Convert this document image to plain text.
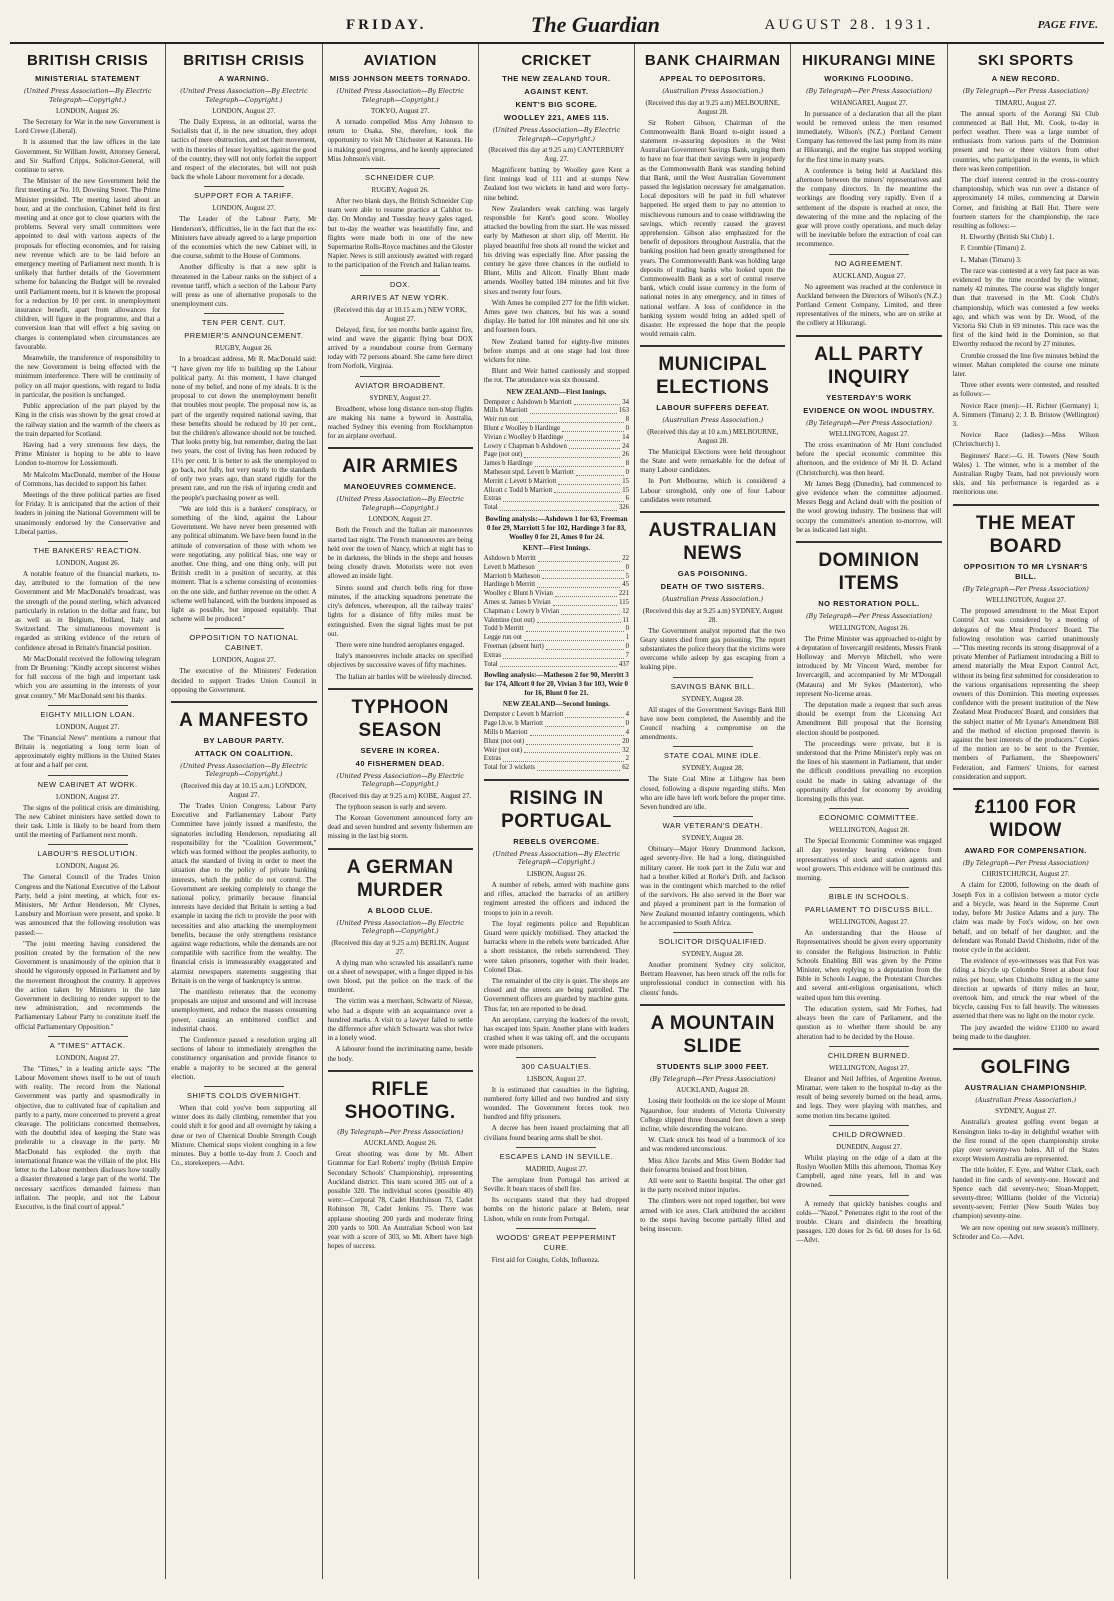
FRIDAY.	The Guardian	AUGUST 28. 1931.	PAGE FIVE.
BRITISH CRISIS
MINISTERIAL STATEMENT
(United Press Association—By Electric Telegraph—Copyright.)
LONDON, August 26.

The Secretary for War in the new Government is Lord Crewe (Liberal).

It is assumed that the law offices in the late Government, Sir William Jowitt, Attorney General, and Sir Stafford Cripps, Solicitor-General, will continue to serve.

The Minister of the new Government held the first meeting at No. 10, Downing Street. The Prime Minister presided. The meeting lasted about an hour, and at the conclusion, Cabinet held its first meeting and at once got to close quarters with the problems. Several very small committees were appointed to deal with various aspects of the proposals for effecting economies, and for raising new revenue which are to be laid before an emergency meeting of Parliament next month. It is unlikely that further details of the Government scheme for balancing the Budget will be revealed until Parliament meets, but it is known the proposal for a reduction by 10 per cent. in unemployment insurance benefit, apart from allowances for children, will figure in the programme, and that a conversion loan that will effect a big saving on charges is contemplated when circumstances are favourable.

Meanwhile, the transference of responsibility to the new Government is being effected with the minimum interference. There will be continuity of policy on all major questions, with regard to India in particular, the position is unchanged.

Public appreciation of the part played by the King in the crisis was shown by the great crowd at the railway station and the warmth of the cheers as the train departed for Scotland.

Having had a very strenuous few days, the Prime Minister is hoping to be able to leave London to-morrow for Lossiemouth.

Mr Malcolm MacDonald, member of the House of Commons, has decided to support his father.

Meetings of the three political parties are fixed for Friday. It is anticipated that the action of their leaders in joining the National Government will be unanimously endorsed by the Conservative and Liberal parties.

THE BANKERS' REACTION.
LONDON, August 26.

A notable feature of the financial markets, to-day, attributed to the formation of the new Government and Mr MacDonald's broadcast, was the strength of the pound sterling, which advanced particularly in relation to the dollar and franc, but as well as in Belgium, Holland, Italy and Switzerland. The simultaneous movement is regarded as striking evidence of the return of confidence abroad in Britain's financial position.

Mr MacDonald received the following telegram from Dr Bruening: "Kindly accept sincerest wishes for full success of the high and important task which you are assuming in the interests of your great country." Mr MacDonald sent his thanks.

EIGHTY MILLION LOAN.
LONDON, August 27.

The "Financial News" mentions a rumour that Britain is negotiating a long term loan of approximately eighty millions in the United States at four and a half per cent.

NEW CABINET AT WORK.
LONDON, August 27.

The signs of the political crisis are diminishing. The new Cabinet ministers have settled down to their task. Little is likely to be heard from them until the meeting of Parliament next month.

LABOUR'S RESOLUTION.
LONDON, August 26.

The General Council of the Trades Union Congress and the National Executive of the Labour Party, held a joint meeting, at which, four ex-Ministers, Mr Arthur Henderson, Mr Clynes, Lansbury and Morrison were present, and spoke. It was announced that the following resolution was passed:—

"The joint meeting having considered the position created by the formation of the new Government is unanimously of the opinion that it should be vigorously opposed in Parliament and by the movement throughout the country. It approves the action taken by Ministers in the late Government in declining to render support to the new administration, and recommends the Parliamentary Labour Party to constitute itself the official Parliamentary Opposition."

A "TIMES" ATTACK.
LONDON, August 27.

The "Times," in a leading article says: "The Labour Movement shows itself to be out of touch with reality. The record from the National Government was partly and spasmodically in objective, due to cultivated fear of capitalism and partly to a party, more concerned to prevent a great cleavage. The politicians concerned themselves, with the doubtful idea of keeping the State was preferable to a cleavage in the party. Mr MacDonald has exploded the myth that international finance was the villain of the plot. His letter to the Labour members discloses how totally a disaster threatened a large part of the world. The necessary sacrifices demanded fairness than inflation. The people, and not the Labour Executive, is the final court of appeal."

BRITISH CRISIS
A WARNING.
(United Press Association—By Electric Telegraph—Copyright.)
LONDON, August 27.

The Daily Express, in an editorial, warns the Socialists that if, in the new situation, they adopt tactics of mere obstruction, and set their movement, with its theories of lesser loyalties, against the good of the country, they will not only forfeit the support and respect of the electorates, but will not push back the whole Labour movement for a decade.

SUPPORT FOR A TARIFF.
LONDON, August 27.

The Leader of the Labour Party, Mr Henderson's, difficulties, lie in the fact that the ex-Ministers have already agreed to a large proportion of the economies which the new Cabinet will, in due course, submit to the House of Commons.

Another difficulty is that a new split is threatened in the Labour ranks on the subject of a revenue tariff, which a section of the Labour Party will press as one of alternative proposals to the unemployment cuts.

TEN PER CENT. CUT.
PREMIER'S ANNOUNCEMENT.
RUGBY, August 26.

In a broadcast address, Mr R. MacDonald said: "I have given my life to building up the Labour political party. At this moment, I have changed none of my belief, and none of my ideals. It is the proposal to cut down the unemployment benefit that troubles most people. The proposal now is, as part of the urgently required national saving, that these benefits should be reduced by 10 per cent., but the children's allowance should not be touched. That looks pretty big, but remember, during the last two years, the cost of living has been reduced by 11½ per cent. It is better to ask the unemployed to go back, not fully, but very nearly to the standards of only two years ago, than stand rigidly for the present rate, and run the risk of injuring credit and the people's purchasing power as well.

"We are told this is a bankers' conspiracy, or something of the kind, against the Labour Government. We have never been presented with any political ultimatum. We have been found in the attitude of conversation of those with whom we were negotiating, any political bias, one way or another. One thing, and one thing only, will put British credit in a position of security, at this moment. That is a scheme consisting of economies on the one side, and further revenue on the other. A scheme well balanced, with the burdens imposed as light as possible, but imposed equitably. That scheme will be produced."

OPPOSITION TO NATIONAL CABINET.
LONDON, August 27.

The executive of the Ministers' Federation decided to support Trades Union Council in opposing the Government.

A MANFESTO
BY LABOUR PARTY.
ATTACK ON COALITION.
(United Press Association—By Electric Telegraph—Copyright.)
(Received this day at 10.15 a.m.) LONDON, August 27.

The Trades Union Congress, Labour Party Executive and Parliamentary Labour Party Committee have jointly issued a manifesto, the signatories including Henderson, repudiating all responsibility for the "Coalition Government," which was formed without the peoples authority, to attack the standard of living in order to meet the situation due to the policy of private banking interests, which the public do not control. The Government are seeking completely to change the national policy, primarily because financial interests have decided that Britain is setting a bad example in taxing the rich to provide the poor with necessities and also attacking the unemployment benefits, because the only strengthens resistance against wage reductions, while the demands are not compatible with sacrifice from the wealthy. The financial crisis is immeasurably exaggerated and alarmist newspapers statements suggesting that Britain is on the verge of bankruptcy is untrue.

The manifesto reiterates that the economy proposals are unjust and unsound and will increase unemployment, and reduce the masses consuming power, causing an embittered conflict and industrial chaos.

The Conference passed a resolution urging all sections of labour to immediately strengthen the constituency organisation and provide finance to enable a majority to be secured at the general election.

SHIFTS COLDS OVERNIGHT.

When that cold you've been supporting all winter does its daily climbing, remember that you could shift it for good and all overnight by taking a dose or two of Chernical Double Strength Cough Mixture. Chemical stops violent coughing in a few minutes. Buy a bottle to-day from J. Cooch and Co., storekeepers.—Advt.

AVIATION
MISS JOHNSON MEETS TORNADO.
(United Press Association—By Electric Telegraph—Copyright.)
TOKYO, August 27.

A tornado compelled Miss Amy Johnson to return to Osaka. She, therefore, took the opportunity to visit Mr Chichester at Katsuura. He is making good progress, and he keenly appreciated Miss Johnson's visit.

SCHNEIDER CUP.
RUGBY, August 26.

After two blank days, the British Schneider Cup team were able to resume practice at Calshot to-day. On Monday and Tuesday heavy gales raged, but to-day the weather was beautifully fine, and flights were made both in one of the new Supermarine Rolls-Royce machines and the Gloster Napier. News is still anxiously awaited with regard to the participation of the French and Italian teams.

DOX.
ARRIVES AT NEW YORK.
(Received this day at 10.15 a.m.) NEW YORK, August 27.

Delayed, first, for ten months battle against fire, wind and wave the gigantic flying boat DOX arrived by a roundabout course from Germany today with 72 persons aboard. She came here direct from Norfolk, Virginia.

AVIATOR BROADBENT.
SYDNEY, August 27.

Broadbent, whose long distance non-stop flights are making his name a byword in Australia, reached Sydney this evening from Rockhampton for an airplane overhaul.

AIR ARMIES
MANOEUVRES COMMENCE.
(United Press Association—By Electric Telegraph—Copyright.)
LONDON, August 27.

Both the French and the Italian air manoeuvres started last night. The French manoeuvres are being held over the town of Nancy, which at night has to be in darkness, the blinds in the shops and houses being closely drawn. Motorists were not even allowed an inside light.

Sirens sound and church bells ring for three minutes, if the attacking squadrons penetrate the city's defences, whereupon, all the railway trains' lights for a distance of fifty miles must be extinguished. Even the signal lights must be put out.

There were nine hundred aeroplanes engaged.

Italy's manoeuvres include attacks on specified objectives by successive waves of fifty machines.

The Italian air battles will be wirelessly directed.

TYPHOON SEASON
SEVERE IN KOREA.
40 FISHERMEN DEAD.
(United Press Association—By Electric Telegraph—Copyright.)
(Received this day at 9.25 a.m) KOBE, August 27.

The typhoon season is early and severe.

The Korean Government announced forty are dead and seven hundred and seventy fishermen are missing in the last big storm.

A GERMAN MURDER
A BLOOD CLUE.
(United Press Association—By Electric Telegraph—Copyright.)
(Received this day at 9.25 a.m) BERLIN, August 27.

A dying man who scrawled his assailant's name on a sheet of newspaper, with a finger dipped in his own blood, put the police on the track of the murderer.

The victim was a merchant, Schwartz of Niesse, who had a dispute with an acquaintance over a hundred marks. A visit to a lawyer failed to settle the difference after which Schwartz was shot twice in a lonely wood.

A labourer found the incriminating name, beside the body.

RIFLE SHOOTING.
(By Telegraph—Per Press Association)
AUCKLAND, August 26.

Great shooting was done by Mt. Albert Grammar for Earl Roberts' trophy (British Empire Secondary Schools' Championship), representing Auckland district. This team scored 305 out of a possible 320. The individual scores (possible 40) were:—Corporal 78, Cadet Hutchinson 73, Cadet Robinson 78, Cadet Jenkins 75. There was applause shooting 200 yards and moderate firing 200 yards to 500. An Australian School won last year with a score of 303, so Mt. Albert have high hopes of success.

CRICKET
THE NEW ZEALAND TOUR.
AGAINST KENT.
KENT'S BIG SCORE.
WOOLLEY 221, AMES 115.
(United Press Association—By Electric Telegraph—Copyright.)
(Received this day at 9.25 a.m) CANTERBURY Aug. 27.

Magnificent batting by Woolley gave Kent a first innings lead of 111 and at stumps New Zealand lost two wickets in hand and were forty-nine behind.

New Zealanders weak catching was largely responsible for Kent's good score. Woolley attacked the bowling from the start. He was missed early by Matheson at short slip, off Merritt. He played beautiful free shots all round the wicket and his driving was especially fine. After passing the century he gave three chances in the outfield to Blunt, Mills and Allcott. Finally Blunt made amends. Woolley batted 184 minutes and hit five sixes and twenty four fours.

With Ames he compiled 277 for the fifth wicket. Ames gave two chances, but his was a sound display. He batted for 108 minutes and hit one six and fourteen fours.

New Zealand batted for eighty-five minutes before stumps and at one stage had lost three wickets for nine.

Blunt and Weir batted cautiously and stopped the rot. The attendance was six thousand.

NEW ZEALAND—First Innings.
Dempster c Ashdown b Marriott	34
Mills b Marriott	163
Weir run out	8
Blunt c Woolley b Hardinge	0
Vivian c Woolley b Hardinge	14
Lowry c Chapman b Ashdown	24
Page (not out)	26
James b Hardinge	8
Matheson stpd. Levett b Marriott	0
Merritt c Levett b Marriott	15
Allcott c Todd b Marriott	15
Extras	6
Total	326
Bowling analysis:—Ashdown 1 for 63, Freeman 0 for 29, Marriott 5 for 102, Hardinge 3 for 83, Woolley 0 for 21, Ames 0 for 24.
KENT—First Innings.
Ashdown b Merritt	22
Levett b Matheson	0
Marriott b Matheson	5
Hardinge b Merritt	45
Woolley c Blunt b Vivian	221
Ames st. James b Vivian	115
Chapman c Lowry b Vivian	12
Valentine (not out)	11
Todd b Merritt	0
Legge run out	1
Freeman (absent hurt)	0
Extras	7
Total	437
Bowling analysis:—Matheson 2 for 90, Merritt 3 for 174, Allcott 0 for 20, Vivian 3 for 103, Weir 0 for 16, Blunt 0 for 21.
NEW ZEALAND—Second Innings.
Dempster c Levett b Marriott	4
Page l.b.w. b Marriott	0
Mills b Marriott	4
Blunt (not out)	20
Weir (not out)	32
Extras	2
Total for 3 wickets	62
RISING IN PORTUGAL
REBELS OVERCOME.
(United Press Association—By Electric Telegraph—Copyright.)
LISBON, August 26.

A number of rebels, armed with machine guns and rifles, attacked the barracks of an artillery regiment arrested the officers and induced the troops to join in a revolt.

The loyal regiments police and Republican Guard were quickly mobilised. They attacked the barracks where in the rebels were barricaded. After a short resistance, the rebels surrendered. They were taken prisoners, together with their leader, Colonel Dias.

The remainder of the city is quiet. The shops are closed and the streets are being patrolled. The Government officers are guarded by machine guns. Thus far, ten are reported to be dead.

An aeroplane, carrying the leaders of the revolt, has escaped into Spain. Another plane with leaders crashed when it was taking off, and the occupants were made prisoners.

300 CASUALTIES.
LISBON, August 27.

It is estimated that casualties in the fighting, numbered forty killed and two hundred and sixty wounded. The Government forces took two hundred and fifty prisoners.

A decree has been issued proclaiming that all civilians found bearing arms shall be shot.

ESCAPES LAND IN SEVILLE.
MADRID, August 27.

The aeroplane from Portugal has arrived at Seville. It bears traces of shell fire.

Its occupants stated that they had dropped bombs on the historic palace at Belem, near Lisbon, while en route from Portugal.

WOODS' GREAT PEPPERMINT CURE.

First aid for Coughs, Colds, Influenza.

BANK CHAIRMAN
APPEAL TO DEPOSITORS.
(Australian Press Association.)
(Received this day at 9.25 a.m) MELBOURNE, August 28.

Sir Robert Gibson, Chairman of the Commonwealth Bank Board to-night issued a statement re-assuring depositors in the West Australian Government Savings Bank, urging them to have no fear that their savings were in jeopardy as the Commonwealth Bank was standing behind that Bank, until the West Australian Government passed the legislation necessary for amalgamation. Local depositors will be paid in full whatever happened. He urged them to pay no attention to mischievous rumours and to cease withdrawing the savings, which recently caused the gravest apprehension. Gibson also emphasized for the benefit of depositors throughout Australia, that the banking position had been greatly strengthened for years. The Commonwealth Bank was holding large deposits of trading banks who looked upon the Commonwealth Bank as a sort of central reserve bank, which could issue currency in the form of national notes in any emergency, and in times of national welfare. A loss of confidence in the banking system would bring an added spell of disaster. He expressed the hope that the people would remain calm.

MUNICIPAL ELECTIONS
LABOUR SUFFERS DEFEAT.
(Australian Press Association.)
(Received this day at 10 a.m.) MELBOURNE, August 28.

The Municipal Elections were held throughout the State and were remarkable for the defeat of many Labour candidates.

In Port Melbourne, which is considered a Labour stronghold, only one of four Labour candidates were returned.

AUSTRALIAN NEWS
GAS POISONING.
DEATH OF TWO SISTERS.
(Australian Press Association.)
(Received this day at 9.25 a.m) SYDNEY, August 28.

The Government analyst reported that the two Geary sisters died from gas poisoning. The report substantiates the police theory that the victims were overcome while asleep by gas escaping from a leaking pipe.

SAVINGS BANK BILL.
SYDNEY, August 28.

All stages of the Government Savings Bank Bill have now been completed, the Assembly and the Council reaching a compromise on the amendments.

STATE COAL MINE IDLE.
SYDNEY, August 28.

The State Coal Mine at Lithgow has been closed, following a dispute regarding shifts. Men who are idle have left work before the proper time. Seven hundred are idle.

WAR VETERAN'S DEATH.
SYDNEY, August 28.

Obituary—Major Henry Drummond Jackson, aged seventy-five. He had a long, distinguished military career. He took part in the Zulu war and had a brother killed at Rorke's Drift. and Jackson was in the contingent which marched to the relief of the survivors. He also served in the Boer war and played a prominent part in the formation of New Zealand mounted infantry contingents, which he accompanied to South Africa.

SOLICITOR DISQUALIFIED.
SYDNEY, August 28.

Another prominent Sydney city solicitor, Bertram Heavener, has been struck off the rolls for unprofessional conduct in connection with his clients' funds.

A MOUNTAIN SLIDE
STUDENTS SLIP 3000 FEET.
(By Telegraph—Per Press Association)
AUCKLAND, August 28.

Losing their footholds on the ice slope of Mount Ngauruhoe, four students of Victoria University College slipped three thousand feet down a steep incline, while descending the volcano.

W. Clark struck his head of a hummock of ice and was rendered unconscious.

Miss Alice Jacobs and Miss Gwen Bodder had their forearms bruised and frost bitten.

All were sent to Raetihi hospital. The other girl in the party received minor injuries.

The climbers were not roped together, but were armed with ice axes. Clark attributed the accident to the steps having become partially filled and being insecure.

HIKURANGI MINE
WORKING FLOODING.
(By Telegraph—Per Press Association)
WHANGAREI, August 27.

In pursuance of a declaration that all the plant would be removed unless the men resumed immediately, Wilson's (N.Z.) Portland Cement Company has removed the last pump from its mine at Hikurangi, and the engine has stopped working for the first time in many years.

A conference is being held at Auckland this afternoon between the miners' representatives and the company directors. In the meantime the workings are flooding very rapidly. Even if a settlement of the dispute is reached at once, the dewatering of the mine and the replacing of the gear will prove costly operations, and much delay will be inevitable before the extraction of coal can recommence.

NO AGREEMENT.
AUCKLAND, August 27.

No agreement was reached at the conference in Auckland between the Directors of Wilson's (N.Z.) Portland Cement Company, Limited, and three representatives of the miners, who are on strike at the colliery at Hikurangi.

ALL PARTY INQUIRY
YESTERDAY'S WORK
EVIDENCE ON WOOL INDUSTRY.
(By Telegraph—Per Press Association)
WELLINGTON, August 27.

The cross examination of Mr Hunt concluded before the special economic committee this afternoon, and the evidence of Mr H. D. Acland (Christchurch), was then heard.

Mr James Begg (Dunedin), had commenced to give evidence when the committee adjourned. Messrs Begg and Acland dealt with the position of the wool growing industry. The business that will occupy the committee's attention to-morrow, will be as indicated last night.

DOMINION ITEMS
NO RESTORATION POLL.
(By Telegraph—Per Press Association)
WELLINGTON, August 26.

The Prime Minister was approached to-night by a deputation of Invercargill residents, Messrs Frank Holloway and Mervyn Mitchell, who were introduced by Mr Vincent Ward, member for Invercargill, and accompanied by Mr M'Dougall (Mataura) and Mr Sykes (Masterton), who represent No-license areas.

The deputation made a request that such areas should be exempt from the Licensing Act Amendment Bill proposal that the licensing election should be postponed.

The proceedings were private, but it is understood that the Prime Minister's reply was on the lines of his statement in Parliament, that under the difficult conditions prevailing no exception could be made in taking advantage of the opportunity afforded for economy by avoiding licensing polls this year.

ECONOMIC COMMITTEE.
WELLINGTON, August 28.

The Special Economic Committee was engaged all day yesterday hearing evidence from representatives of stock and station agents and wool growers. This evidence will be continued this morning.

BIBLE IN SCHOOLS.
PARLIAMENT TO DISCUSS BILL.
WELLINGTON, August 27.

An understanding that the House of Representatives should be given every opportunity to consider the Religious Instruction in Public Schools Enabling Bill was given by the Prime Minister, when replying to a deputation from the Bible in Schools League, the Protestant Churches and several anti-religious organisations, which waited upon him this evening.

The education system, said Mr Forbes, had always been the care of Parliament, and the question as to whether there should be any alteration had to be decided by the House.

CHILDREN BURNED.
WELLINGTON, August 27.

Eleanor and Neil Jeffries, of Argentine Avenue, Miramar, were taken to the hospital to-day as the result of being severely burned on the head, arms, and legs. They were playing with matches, and some motion tins became ignited.

CHILD DROWNED.
DUNEDIN, August 27.

Whilst playing on the edge of a dam at the Roslyn Woollen Mills this afternoon, Thomas Key Campbell, aged nine years, fell in and was drowned.

A remedy that quickly banishes coughs and colds—"Nazol." Penetrates right to the root of the trouble. Clears and disinfects the breathing passages. 120 doses for 2s 6d. 60 doses for 1s 6d.—Advt.

SKI SPORTS
A NEW RECORD.
(By Telegraph—Per Press Association)
TIMARU, August 27.

The annual sports of the Aorangi Ski Club commenced at Ball Hut, Mt. Cook, to-day in perfect weather. There was a large number of enthusiasts from various parts of the Dominion present and two or three visitors from other countries, who participated in the events, in which there was keen competition.

The chief interest centred in the cross-country championship, which was run over a distance of approximately 14 miles, commencing at Darwin Corner, and finishing at Ball Hut. There were fourteen starters for the championship, the race resulting as follows:—

H. Elworthy (British Ski Club) 1.

F. Crombie (Timaru) 2.

L. Mahan (Timaru) 3.

The race was contested at a very fast pace as was evidenced by the time recorded by the winner, namely 42 minutes. The course was slightly longer than that traversed in the Mt. Cook Club's championship, which was contested a few weeks ago, and which was won by Dr. Wood, of the Victoria Ski Club in 69 minutes. This race was the first of the kind held in the Dominion, so that Elworthy reduced the record by 27 minutes.

Crombie crossed the line five minutes behind the winner. Mahan completed the course one minute later.

Three other events were contested, and resulted as follows:—

Novice Race (men):—H. Richter (Germany) 1; A. Simmers (Timaru) 2; J. B. Bristow (Wellington) 3.

Novice Race (ladies):—Miss Wilson (Christchurch) 1.

Beginners' Race:—G. H. Towers (New South Wales) 1. The winner, who is a member of the Australian Rugby Team, had not previously worn skis, and his performance is regarded as a meritorious one.

THE MEAT BOARD
OPPOSITION TO MR LYSNAR'S BILL.
(By Telegraph—Per Press Association)
WELLINGTON, August 27.

The proposed amendment to the Meat Export Control Act was considered by a meeting of delegates of the Meat Producers' Board. The following resolution was carried unanimously—"This meeting records its strong disapproval of a private Member of Parliament introducing a Bill to amend materially the Meat Export Control Act, without its being first submitted for consideration to the various organisations representing the sheep owners of this Dominion. This meeting expresses confidence with the present institution of the New Zealand Meat Producers' Board, and considers that the subject matter of Mr Lysnar's Amendment Bill and the method of election proposed therein is against the best interests of the producers." Copies of the motion are to be sent to the Premier, members of Parliament, the Sheepowners' Federation, and Farmers' Unions, for earnest consideration and support.

£1100 FOR WIDOW
AWARD FOR COMPENSATION.
(By Telegraph—Per Press Association)
CHRISTCHURCH, August 27.

A claim for £2000, following on the death of Joseph Fox in a collision between a motor cycle and a bicycle, was heard in the Supreme Court today, before Mr Justice Adams and a jury. The claim was made by Fox's widow, on her own behalf, and on behalf of her daughter, and the defendant was Ronald David Chisholm, rider of the motor cycle in the accident.

The evidence of eye-witnesses was that Fox was riding a bicycle up Colombo Street at about four miles per hour, when Chisholm riding in the same direction at upwards of thirty miles an hour, overtook him, and struck the rear wheel of the bicycle, causing Fox to fall heavily. The witnesses asserted that there was no light on the motor cycle.

The jury awarded the widow £1100 no award being made to the daughter.

GOLFING
AUSTRALIAN CHAMPIONSHIP.
(Australian Press Association.)
SYDNEY, August 27.

Australia's greatest golfing event began at Kensington links to-day in delightful weather with the first round of the open championship stroke play over seventy-two holes. All of the States except Western Australia are represented.

The title holder, F. Eyre, and Walter Clark, each handed in fine cards of seventy-one. Howard and Spence each did seventy-two; Sloan-Moppett, seventy-three; Williams (holder of the Victoria) seventy-seven; Ferrier (New South Wales boy champion) seventy-nine.

We are now opening out new season's millinery. Schroder and Co.—Advt.
